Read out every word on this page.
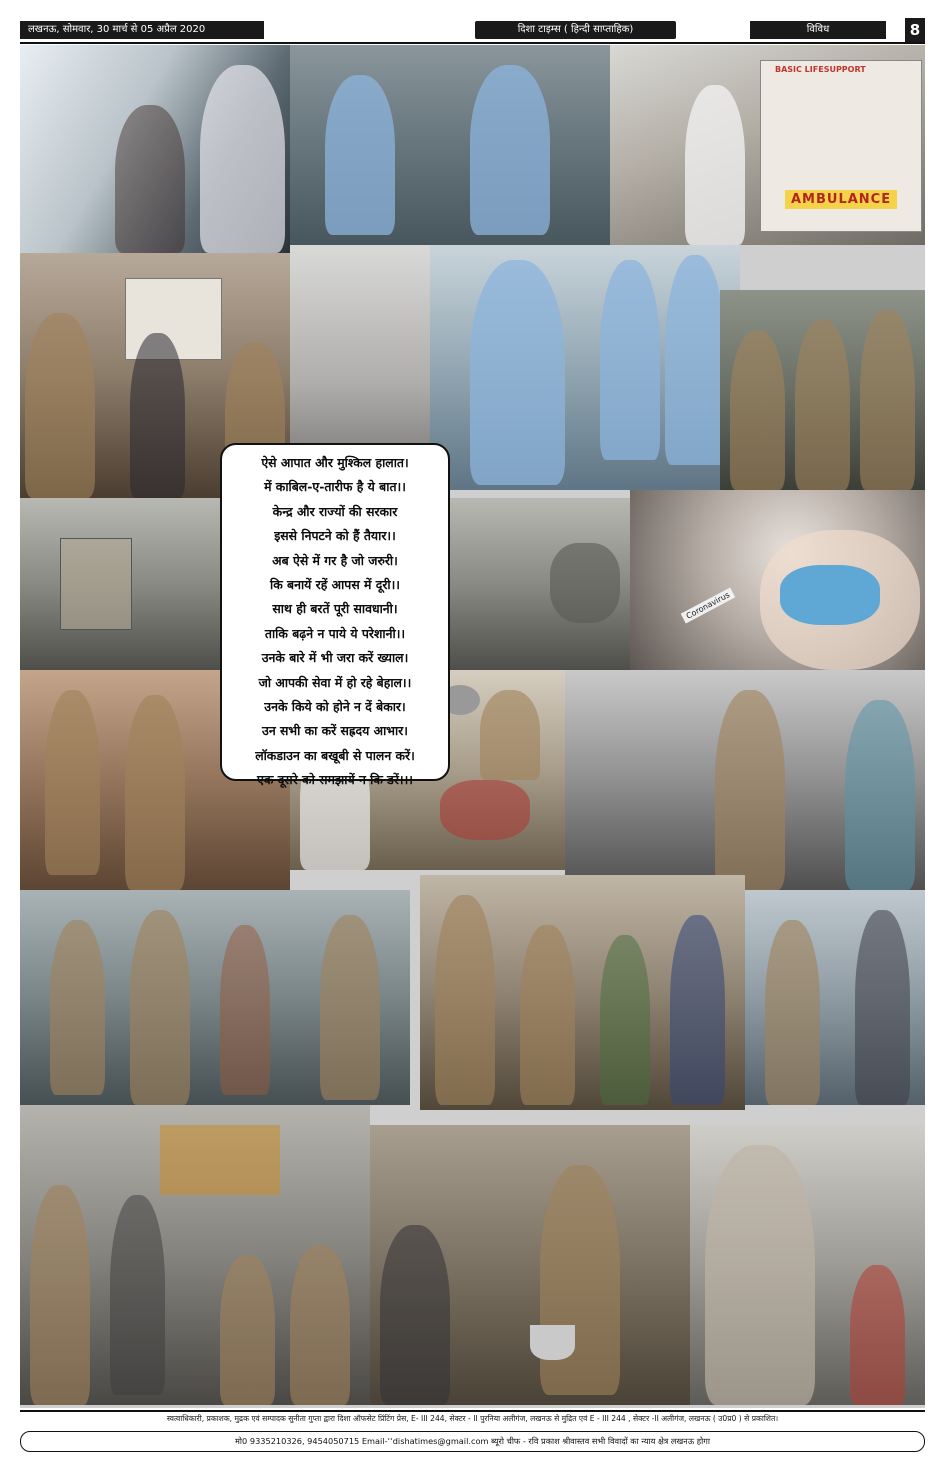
लखनऊ, सोमवार, 30 मार्च से 05 अप्रैल 2020	दिशा टाइम्स ( हिन्दी साप्ताहिक)	विविध	8
AMBULANCE
BASIC LIFESUPPORT
Coronavirus
ऐसे आपात और मुश्किल हालात।
में काबिल-ए-तारीफ है ये बात।।
केन्द्र और राज्यों की सरकार
इससे निपटने को हैं तैयार।।
अब ऐसे में गर है जो जरुरी।
कि बनायें रहें आपस में दूरी।।
साथ ही बरतें पूरी सावधानी।
ताकि बढ़ने न पाये ये परेशानी।।
उनके बारे में भी जरा करें ख्याल।
जो आपकी सेवा में हो रहे बेहाल।।
उनके किये को होने न दें बेकार।
उन सभी का करें सह्रदय आभार।
लॉकडाउन का बखूबी से पालन करें।
एक दूसरे को समझायें न कि डरें।।।
स्वत्वाधिकारी, प्रकाशक, मुद्रक एवं सम्पादक सुनीता गुप्ता द्वारा दिशा ऑफसेट प्रिंटिंग प्रेस, E- III 244, सेक्टर - II पुरनिया अलीगंज, लखनऊ से मुद्रित एवं E - III 244 , सेक्टर -II अलीगंज, लखनऊ ( उ0प्र0 ) से प्रकाशित।
मो0 9335210326, 9454050715 Email-‘‘dishatimes@gmail.com ब्यूरो चीफ - रवि प्रकाश श्रीवास्तव सभी विवादों का न्याय क्षेत्र लखनऊ होगा
